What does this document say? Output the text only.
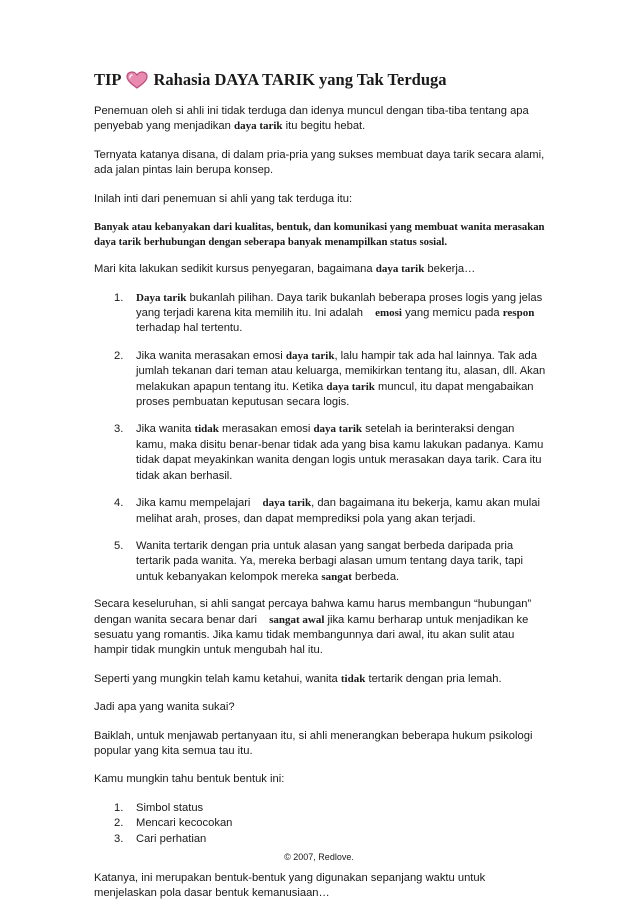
TIP Rahasia DAYA TARIK yang Tak Terduga

Penemuan oleh si ahli ini tidak terduga dan idenya muncul dengan tiba-tiba tentang apa penyebab yang menjadikan daya tarik itu begitu hebat.

Ternyata katanya disana, di dalam pria-pria yang sukses membuat daya tarik secara alami, ada jalan pintas lain berupa konsep.

Inilah inti dari penemuan si ahli yang tak terduga itu:

Banyak atau kebanyakan dari kualitas, bentuk, dan komunikasi yang membuat wanita merasakan daya tarik berhubungan dengan seberapa banyak menampilkan status sosial.

Mari kita lakukan sedikit kursus penyegaran, bagaimana daya tarik bekerja…

1. Daya tarik bukanlah pilihan. Daya tarik bukanlah beberapa proses logis yang jelas yang terjadi karena kita memilih itu. Ini adalah emosi yang memicu pada respon terhadap hal tertentu.
2. Jika wanita merasakan emosi daya tarik, lalu hampir tak ada hal lainnya. Tak ada jumlah tekanan dari teman atau keluarga, memikirkan tentang itu, alasan, dll. Akan melakukan apapun tentang itu. Ketika daya tarik muncul, itu dapat mengabaikan proses pembuatan keputusan secara logis.
3. Jika wanita tidak merasakan emosi daya tarik setelah ia berinteraksi dengan kamu, maka disitu benar-benar tidak ada yang bisa kamu lakukan padanya. Kamu tidak dapat meyakinkan wanita dengan logis untuk merasakan daya tarik. Cara itu tidak akan berhasil.
4. Jika kamu mempelajari daya tarik, dan bagaimana itu bekerja, kamu akan mulai melihat arah, proses, dan dapat memprediksi pola yang akan terjadi.
5. Wanita tertarik dengan pria untuk alasan yang sangat berbeda daripada pria tertarik pada wanita. Ya, mereka berbagi alasan umum tentang daya tarik, tapi untuk kebanyakan kelompok mereka sangat berbeda.

Secara keseluruhan, si ahli sangat percaya bahwa kamu harus membangun “hubungan” dengan wanita secara benar dari sangat awal jika kamu berharap untuk menjadikan ke sesuatu yang romantis. Jika kamu tidak membangunnya dari awal, itu akan sulit atau hampir tidak mungkin untuk mengubah hal itu.

Seperti yang mungkin telah kamu ketahui, wanita tidak tertarik dengan pria lemah.

Jadi apa yang wanita sukai?

Baiklah, untuk menjawab pertanyaan itu, si ahli menerangkan beberapa hukum psikologi popular yang kita semua tau itu.

Kamu mungkin tahu bentuk bentuk ini:

1. Simbol status
2. Mencari kecocokan
3. Cari perhatian

Katanya, ini merupakan bentuk-bentuk yang digunakan sepanjang waktu untuk menjelaskan pola dasar bentuk kemanusiaan…

© 2007, Redlove.
